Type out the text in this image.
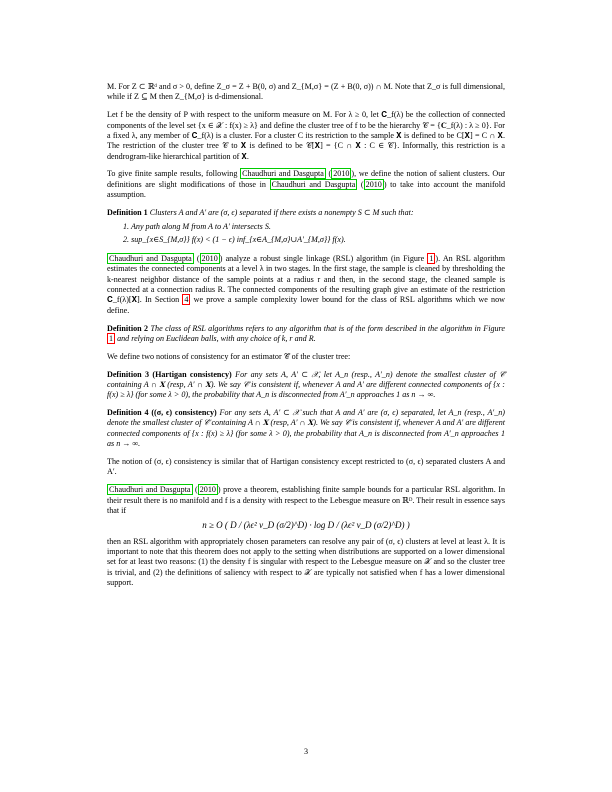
M. For Z ⊂ ℝᵈ and σ > 0, define Z_σ = Z + B(0, σ) and Z_{M,σ} = (Z + B(0, σ)) ∩ M. Note that Z_σ is full dimensional, while if Z ⊆ M then Z_{M,σ} is d-dimensional.

Let f be the density of P with respect to the uniform measure on M. For λ ≥ 0, let 𝐂_f(λ) be the collection of connected components of the level set {x ∈ 𝒳 : f(x) ≥ λ} and define the cluster tree of f to be the hierarchy 𝒞 = {𝐂_f(λ) : λ ≥ 0}. For a fixed λ, any member of 𝐂_f(λ) is a cluster. For a cluster C its restriction to the sample 𝐗 is defined to be C[𝐗] = C ∩ 𝐗. The restriction of the cluster tree 𝒞 to 𝐗 is defined to be 𝒞[𝐗] = {C ∩ 𝐗 : C ∈ 𝒞}. Informally, this restriction is a dendrogram-like hierarchical partition of 𝐗.

To give finite sample results, following Chaudhuri and Dasgupta ( 2010 ), we define the notion of salient clusters. Our definitions are slight modifications of those in Chaudhuri and Dasgupta ( 2010 ) to take into account the manifold assumption.

Definition 1 Clusters A and A′ are (σ, ϵ) separated if there exists a nonempty S ⊂ M such that:
1. Any path along M from A to A′ intersects S.
2. sup_{x∈S_{M,σ}} f(x) < (1 − ϵ) inf_{x∈A_{M,σ}∪A′_{M,σ}} f(x).

Chaudhuri and Dasgupta ( 2010 ) analyze a robust single linkage (RSL) algorithm (in Figure 1 ). An RSL algorithm estimates the connected components at a level λ in two stages. In the first stage, the sample is cleaned by thresholding the k-nearest neighbor distance of the sample points at a radius r and then, in the second stage, the cleaned sample is connected at a connection radius R. The connected components of the resulting graph give an estimate of the restriction 𝐂_f(λ)[𝐗]. In Section 4 we prove a sample complexity lower bound for the class of RSL algorithms which we now define.

Definition 2 The class of RSL algorithms refers to any algorithm that is of the form described in the algorithm in Figure 1 and relying on Euclidean balls, with any choice of k, r and R.

We define two notions of consistency for an estimator 𝒞̂ of the cluster tree:

Definition 3 (Hartigan consistency) For any sets A, A′ ⊂ 𝒳, let A_n (resp., A′_n) denote the smallest cluster of 𝒞̂ containing A ∩ 𝐗 (resp, A′ ∩ 𝐗). We say 𝒞̂ is consistent if, whenever A and A′ are different connected components of {x : f(x) ≥ λ} (for some λ > 0), the probability that A_n is disconnected from A′_n approaches 1 as n → ∞.

Definition 4 ((σ, ϵ) consistency) For any sets A, A′ ⊂ 𝒳 such that A and A′ are (σ, ϵ) separated, let A_n (resp., A′_n) denote the smallest cluster of 𝒞̂ containing A ∩ 𝐗 (resp, A′ ∩ 𝐗). We say 𝒞̂ is consistent if, whenever A and A′ are different connected components of {x : f(x) ≥ λ} (for some λ > 0), the probability that A_n is disconnected from A′_n approaches 1 as n → ∞.

The notion of (σ, ϵ) consistency is similar that of Hartigan consistency except restricted to (σ, ϵ) separated clusters A and A′.

Chaudhuri and Dasgupta ( 2010 ) prove a theorem, establishing finite sample bounds for a particular RSL algorithm. In their result there is no manifold and f is a density with respect to the Lebesgue measure on ℝᴰ. Their result in essence says that if

n ≥ O ( D / (λϵ² v_D (σ/2)^D) · log D / (λϵ² v_D (σ/2)^D) )

then an RSL algorithm with appropriately chosen parameters can resolve any pair of (σ, ϵ) clusters at level at least λ. It is important to note that this theorem does not apply to the setting when distributions are supported on a lower dimensional set for at least two reasons: (1) the density f is singular with respect to the Lebesgue measure on 𝒳 and so the cluster tree is trivial, and (2) the definitions of saliency with respect to 𝒳 are typically not satisfied when f has a lower dimensional support.

3
